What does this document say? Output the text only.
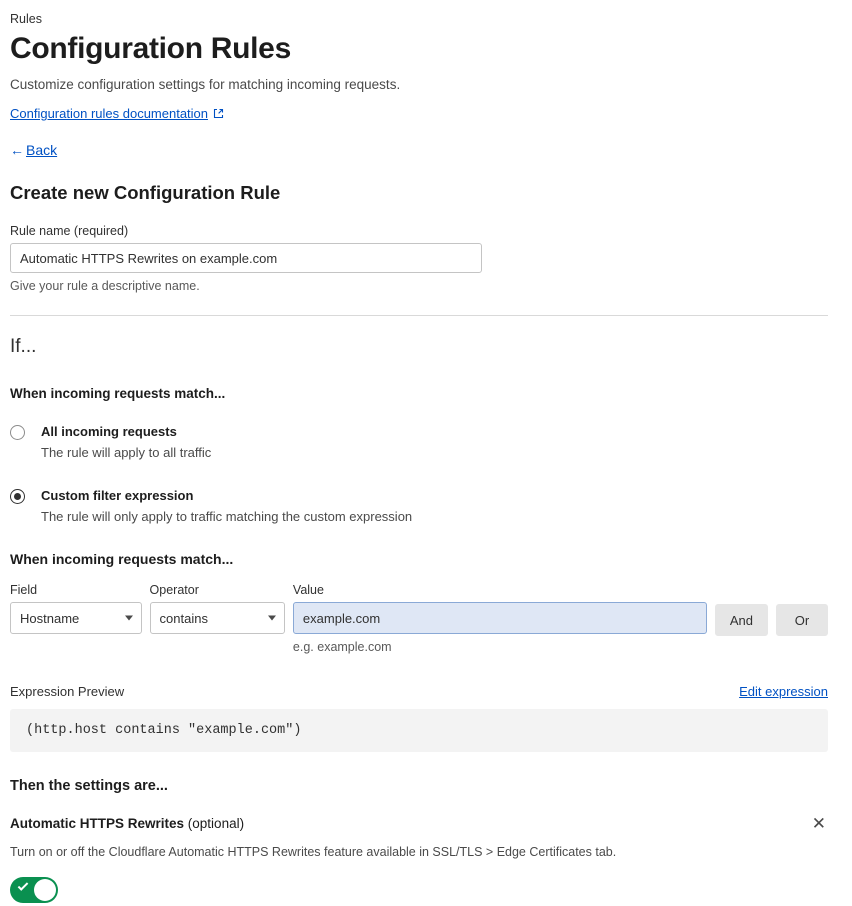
Rules
Configuration Rules

Customize configuration settings for matching incoming requests.

Configuration rules documentation
← Back
Create new Configuration Rule
Rule name (required)
Automatic HTTPS Rewrites on example.com
Give your rule a descriptive name.
If...
When incoming requests match...
All incoming requests
The rule will apply to all traffic
Custom filter expression
The rule will only apply to traffic matching the custom expression
When incoming requests match...
Field
Hostname
Operator
contains
Value
example.com
e.g. example.com
And	Or
Expression Preview	Edit expression
(http.host contains "example.com")
Then the settings are...
Automatic HTTPS Rewrites (optional)	✕
Turn on or off the Cloudflare Automatic HTTPS Rewrites feature available in SSL/TLS > Edge Certificates tab.
